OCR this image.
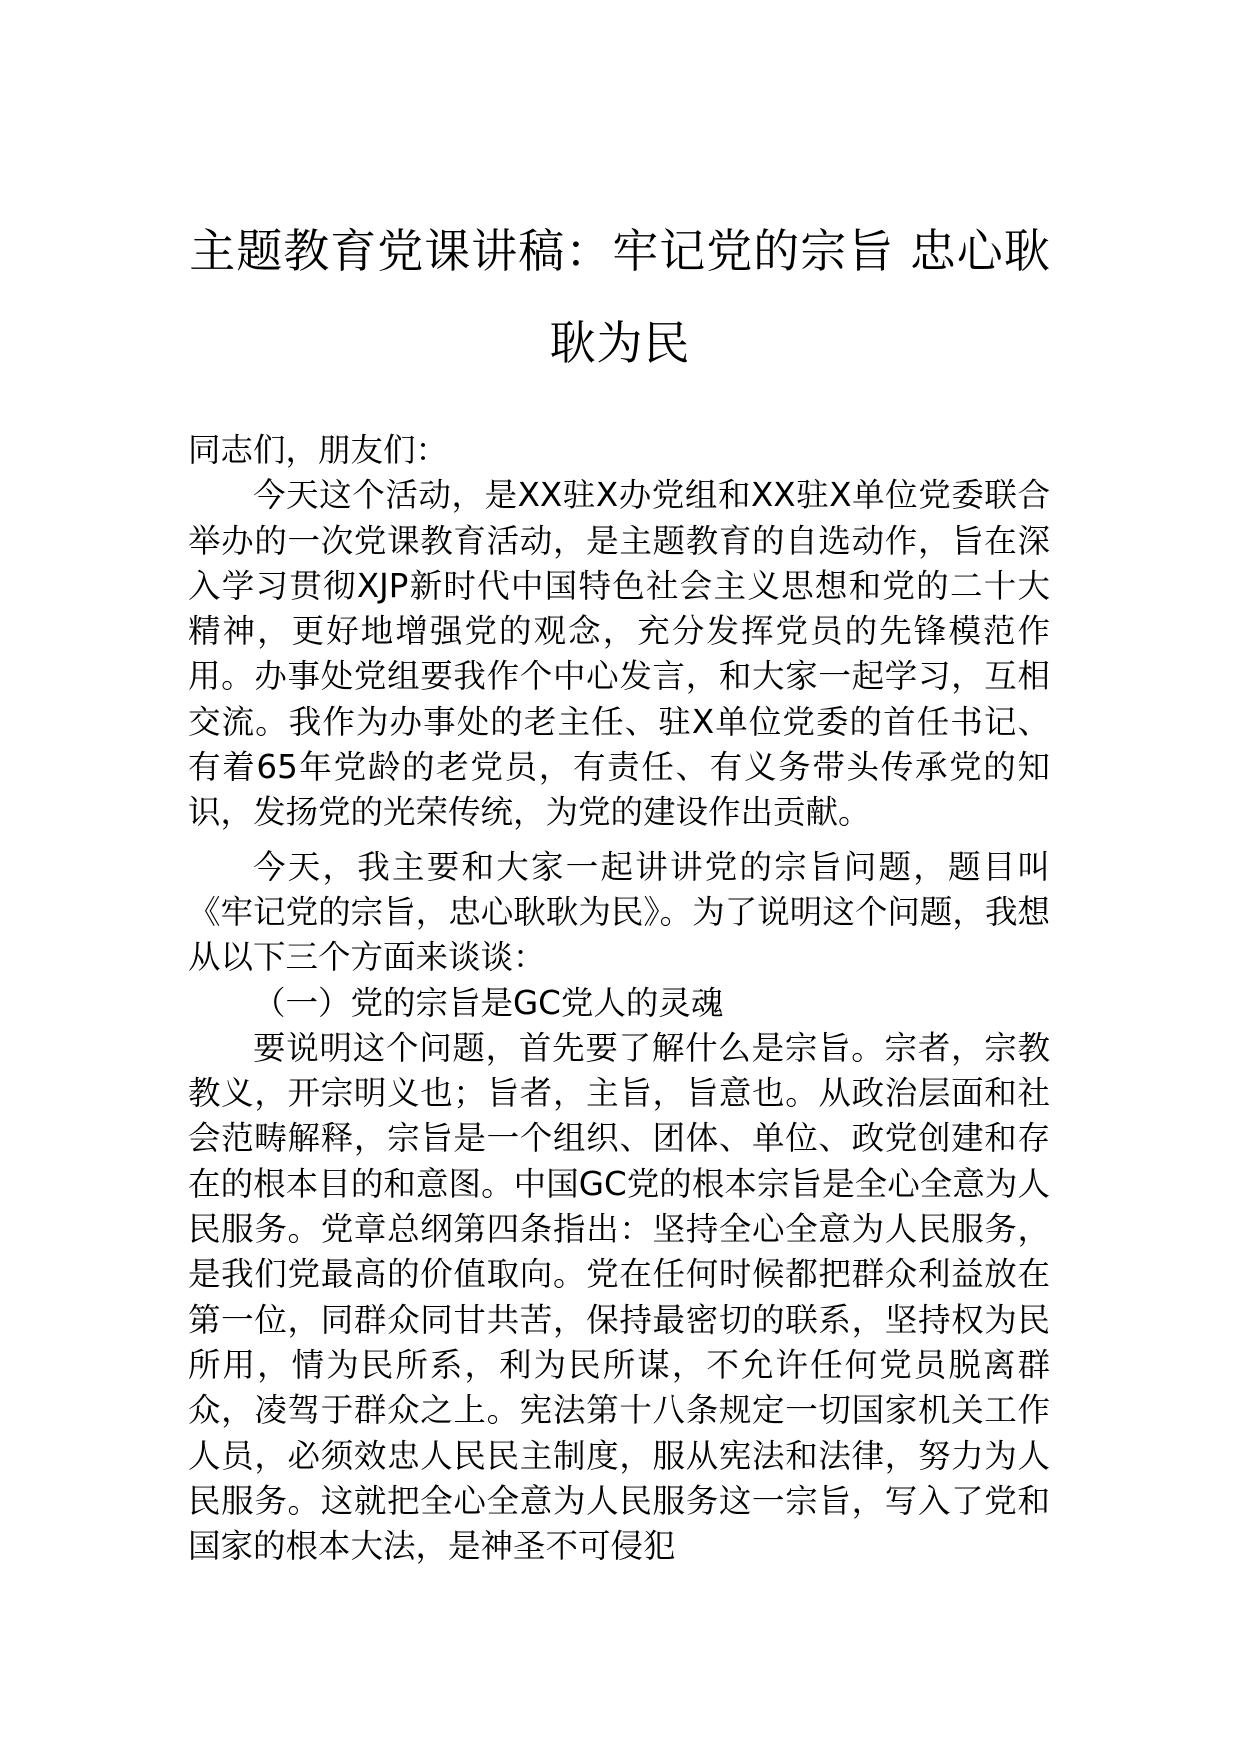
主题教育党课讲稿：牢记党的宗旨 忠心耿耿为民

同志们，朋友们：

今天这个活动，是XX驻X办党组和XX驻X单位党委联合举办的一次党课教育活动，是主题教育的自选动作，旨在深入学习贯彻XJP新时代中国特色社会主义思想和党的二十大精神，更好地增强党的观念，充分发挥党员的先锋模范作用。办事处党组要我作个中心发言，和大家一起学习，互相交流。我作为办事处的老主任、驻X单位党委的首任书记、有着65年党龄的老党员，有责任、有义务带头传承党的知识，发扬党的光荣传统，为党的建设作出贡献。

今天，我主要和大家一起讲讲党的宗旨问题，题目叫《牢记党的宗旨，忠心耿耿为民》。为了说明这个问题，我想从以下三个方面来谈谈：

（一）党的宗旨是GC党人的灵魂

要说明这个问题，首先要了解什么是宗旨。宗者，宗教教义，开宗明义也；旨者，主旨，旨意也。从政治层面和社会范畴解释，宗旨是一个组织、团体、单位、政党创建和存在的根本目的和意图。中国GC党的根本宗旨是全心全意为人民服务。党章总纲第四条指出：坚持全心全意为人民服务，是我们党最高的价值取向。党在任何时候都把群众利益放在第一位，同群众同甘共苦，保持最密切的联系，坚持权为民所用，情为民所系，利为民所谋，不允许任何党员脱离群众，凌驾于群众之上。宪法第十八条规定一切国家机关工作人员，必须效忠人民民主制度，服从宪法和法律，努力为人民服务。这就把全心全意为人民服务这一宗旨，写入了党和国家的根本大法，是神圣不可侵犯
